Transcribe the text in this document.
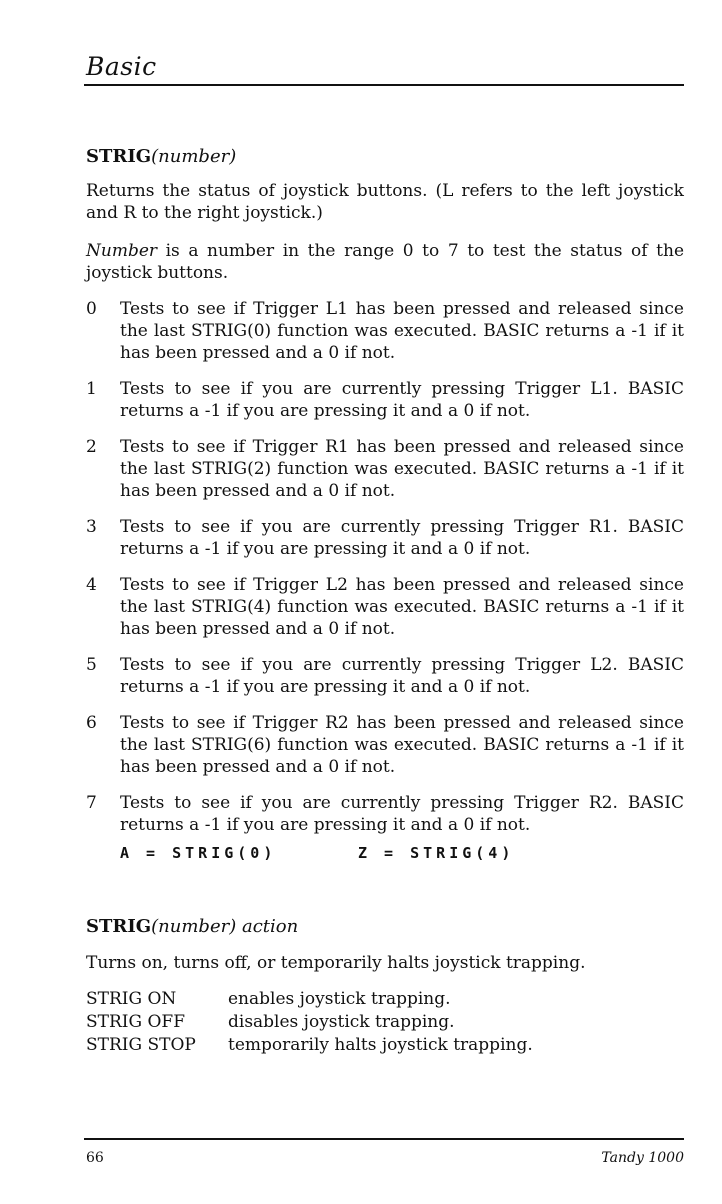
Basic
STRIG(number)
Returns the status of joystick buttons. (L refers to the left joystick and R to the right joystick.)
Number is a number in the range 0 to 7 to test the status of the joystick buttons.
0	Tests to see if Trigger L1 has been pressed and released since the last STRIG(0) function was executed. BASIC returns a -1 if it has been pressed and a 0 if not.
1	Tests to see if you are currently pressing Trigger L1. BASIC returns a -1 if you are pressing it and a 0 if not.
2	Tests to see if Trigger R1 has been pressed and released since the last STRIG(2) function was executed. BASIC returns a -1 if it has been pressed and a 0 if not.
3	Tests to see if you are currently pressing Trigger R1. BASIC returns a -1 if you are pressing it and a 0 if not.
4	Tests to see if Trigger L2 has been pressed and released since the last STRIG(4) function was executed. BASIC returns a -1 if it has been pressed and a 0 if not.
5	Tests to see if you are currently pressing Trigger L2. BASIC returns a -1 if you are pressing it and a 0 if not.
6	Tests to see if Trigger R2 has been pressed and released since the last STRIG(6) function was executed. BASIC returns a -1 if it has been pressed and a 0 if not.
7	Tests to see if you are currently pressing Trigger R2. BASIC returns a -1 if you are pressing it and a 0 if not.
A = STRIG(0)	Z = STRIG(4)
STRIG(number) action
Turns on, turns off, or temporarily halts joystick trapping.
STRIG ON	enables joystick trapping.
STRIG OFF	disables joystick trapping.
STRIG STOP temporarily halts joystick trapping.
66	Tandy 1000
